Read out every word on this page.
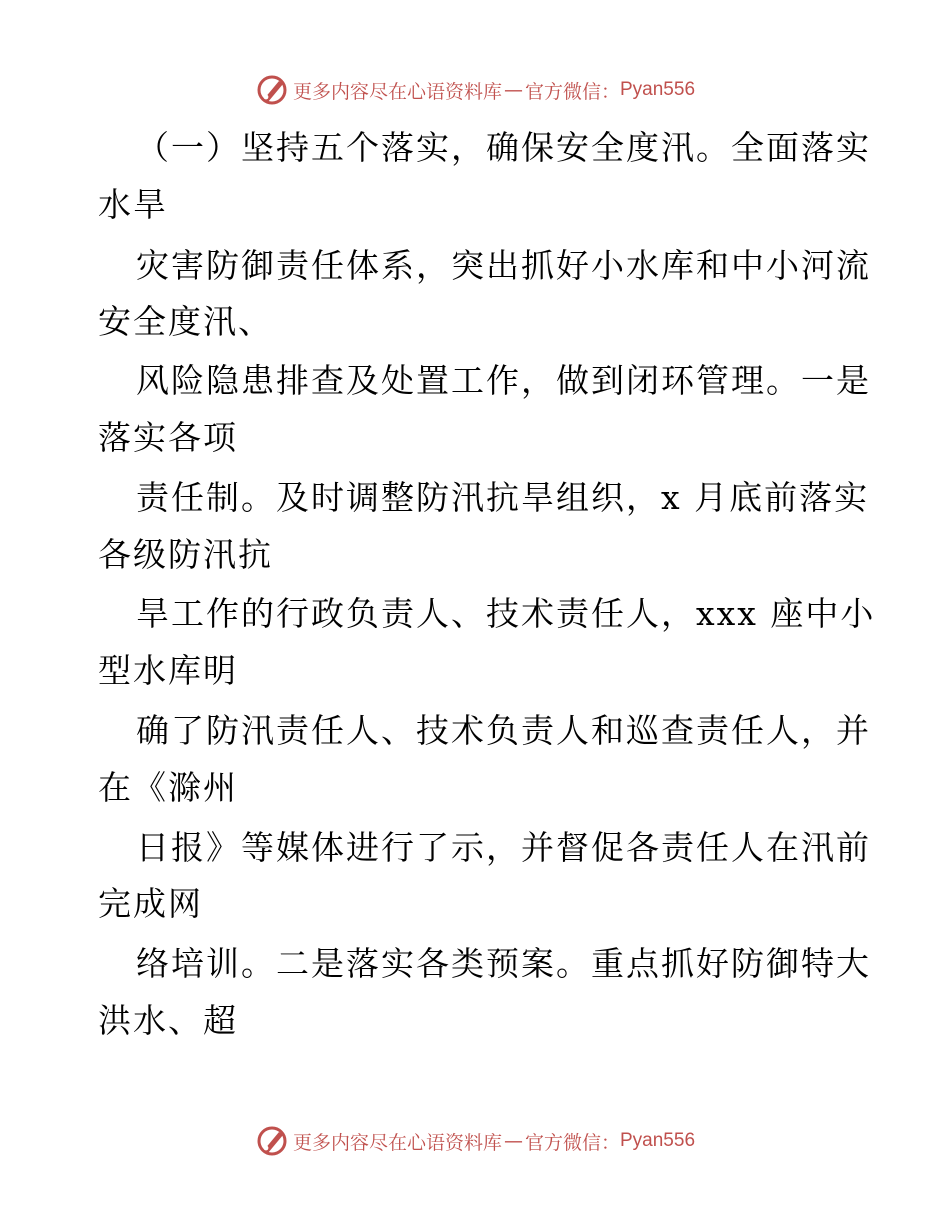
更多内容尽在心语资料库 — 官方微信： Pyan556
（一）坚持五个落实，确保安全度汛。全面落实
水旱
灾害防御责任体系，突出抓好小水库和中小河流
安全度汛、
风险隐患排查及处置工作，做到闭环管理。一是
落实各项
责任制。及时调整防汛抗旱组织，x 月底前落实
各级防汛抗
旱工作的行政负责人、技术责任人，xxx 座中小
型水库明
确了防汛责任人、技术负责人和巡查责任人，并
在《滁州
日报》等媒体进行了示，并督促各责任人在汛前
完成网
络培训。二是落实各类预案。重点抓好防御特大
洪水、超
更多内容尽在心语资料库 — 官方微信： Pyan556
